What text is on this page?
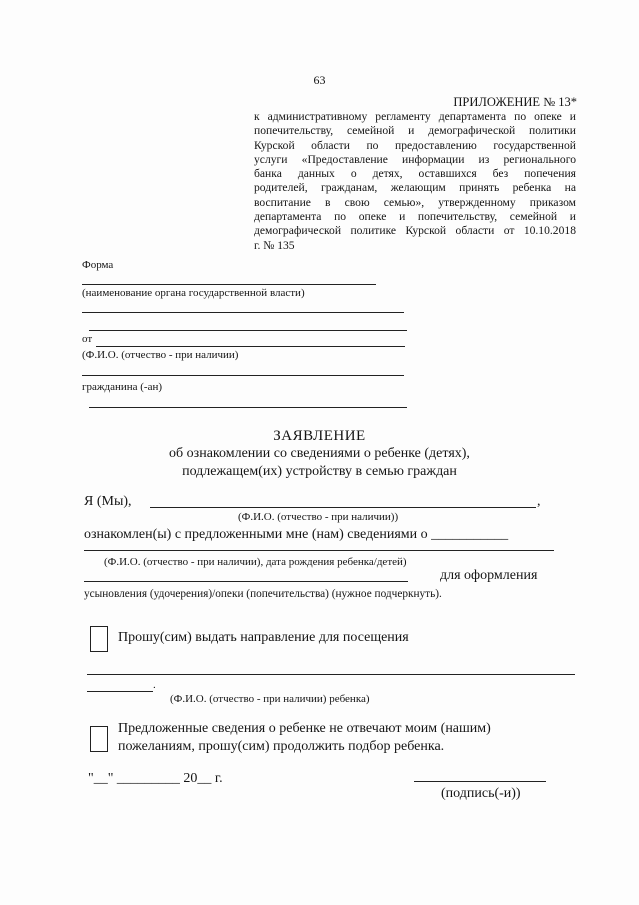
63
ПРИЛОЖЕНИЕ № 13*
к административному регламенту департамента по опеке и
попечительству, семейной и демографической политики
Курской области по предоставлению государственной
услуги «Предоставление информации из регионального
банка данных о детях, оставшихся без попечения
родителей, гражданам, желающим принять ребенка на
воспитание в свою семью», утвержденному приказом
департамента по опеке и попечительству, семейной и
демографической политике Курской области от 10.10.2018
г. № 135
Форма
(наименование органа государственной власти)
от
(Ф.И.О. (отчество - при наличии)
гражданина (-ан)
ЗАЯВЛЕНИЕ
об ознакомлении со сведениями о ребенке (детях),
подлежащем(их) устройству в семью граждан
Я (Мы),	,
(Ф.И.О. (отчество - при наличии))
ознакомлен(ы) с предложенными мне (нам) сведениями о ___________
(Ф.И.О. (отчество - при наличии), дата рождения ребенка/детей)
для оформления
усыновления (удочерения)/опеки (попечительства) (нужное подчеркнуть).
Прошу(сим) выдать направление для посещения
.
(Ф.И.О. (отчество - при наличии) ребенка)
Предложенные сведения о ребенке не отвечают моим (нашим)
пожеланиям, прошу(сим) продолжить подбор ребенка.
"__" _________ 20__ г.
(подпись(-и))
